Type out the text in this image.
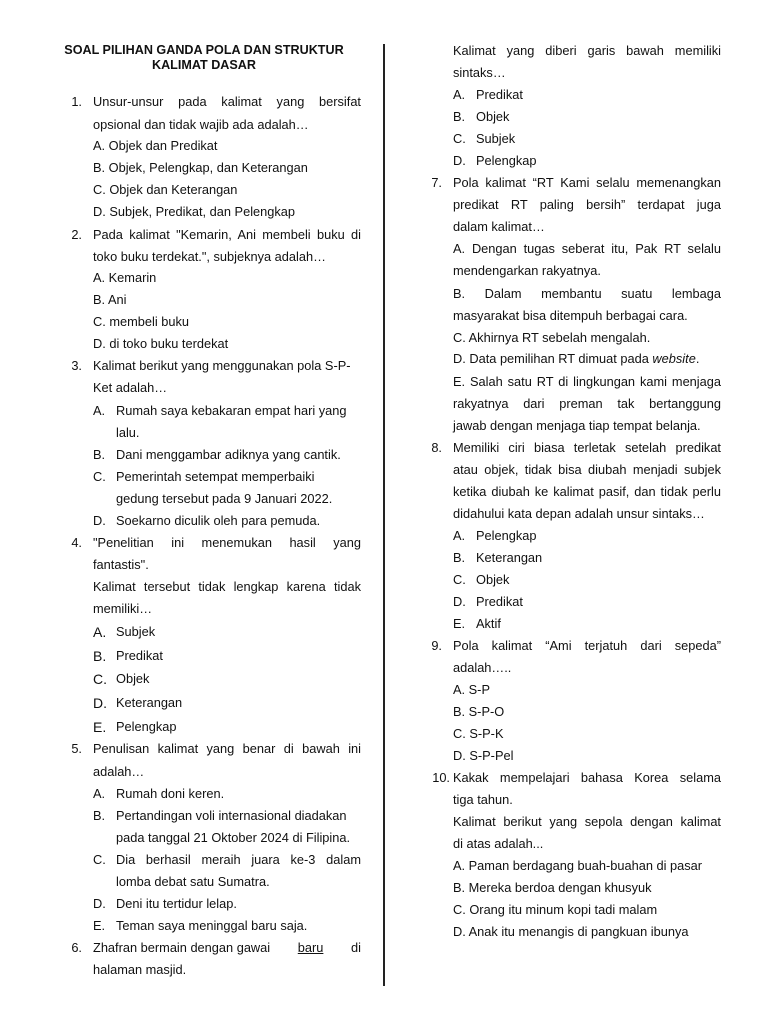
SOAL PILIHAN GANDA POLA DAN STRUKTUR KALIMAT DASAR
1. Unsur-unsur pada kalimat yang bersifat
opsional dan tidak wajib ada adalah…
A. Objek dan Predikat
B. Objek, Pelengkap, dan Keterangan
C. Objek dan Keterangan
D. Subjek, Predikat, dan Pelengkap
2. Pada kalimat "Kemarin, Ani membeli buku di
toko buku terdekat.", subjeknya adalah…
A. Kemarin
B. Ani
C. membeli buku
D. di toko buku terdekat
3. Kalimat berikut yang menggunakan pola S-P-
Ket adalah…
A. Rumah saya kebakaran empat hari yang
lalu.
B. Dani menggambar adiknya yang cantik.
C. Pemerintah setempat memperbaiki
gedung tersebut pada 9 Januari 2022.
D. Soekarno diculik oleh para pemuda.
4. "Penelitian ini menemukan hasil yang
fantastis".
Kalimat tersebut tidak lengkap karena tidak
memiliki…
A. Subjek
B. Predikat
C. Objek
D. Keterangan
E. Pelengkap
5. Penulisan kalimat yang benar di bawah ini
adalah…
A. Rumah doni keren.
B. Pertandingan voli internasional diadakan
pada tanggal 21 Oktober 2024 di Filipina.
C. Dia berhasil meraih juara ke-3 dalam
lomba debat satu Sumatra.
D. Deni itu tertidur lelap.
E. Teman saya meninggal baru saja.
6. Zhafran bermain dengan gawai baru di
halaman masjid.
Kalimat yang diberi garis bawah memiliki
sintaks…
A. Predikat
B. Objek
C. Subjek
D. Pelengkap
7. Pola kalimat “RT Kami selalu memenangkan
predikat RT paling bersih” terdapat juga
dalam kalimat…
A. Dengan tugas seberat itu, Pak RT selalu
mendengarkan rakyatnya.
B. Dalam membantu suatu lembaga
masyarakat bisa ditempuh berbagai cara.
C. Akhirnya RT sebelah mengalah.
D. Data pemilihan RT dimuat pada website.
E. Salah satu RT di lingkungan kami menjaga
rakyatnya dari preman tak bertanggung
jawab dengan menjaga tiap tempat belanja.
8. Memiliki ciri biasa terletak setelah predikat
atau objek, tidak bisa diubah menjadi subjek
ketika diubah ke kalimat pasif, dan tidak perlu
didahului kata depan adalah unsur sintaks…
A. Pelengkap
B. Keterangan
C. Objek
D. Predikat
E. Aktif
9. Pola kalimat “Ami terjatuh dari sepeda”
adalah…..
A. S-P
B. S-P-O
C. S-P-K
D. S-P-Pel
10. Kakak mempelajari bahasa Korea selama
tiga tahun.
Kalimat berikut yang sepola dengan kalimat
di atas adalah...
A. Paman berdagang buah-buahan di pasar
B. Mereka berdoa dengan khusyuk
C. Orang itu minum kopi tadi malam
D. Anak itu menangis di pangkuan ibunya
